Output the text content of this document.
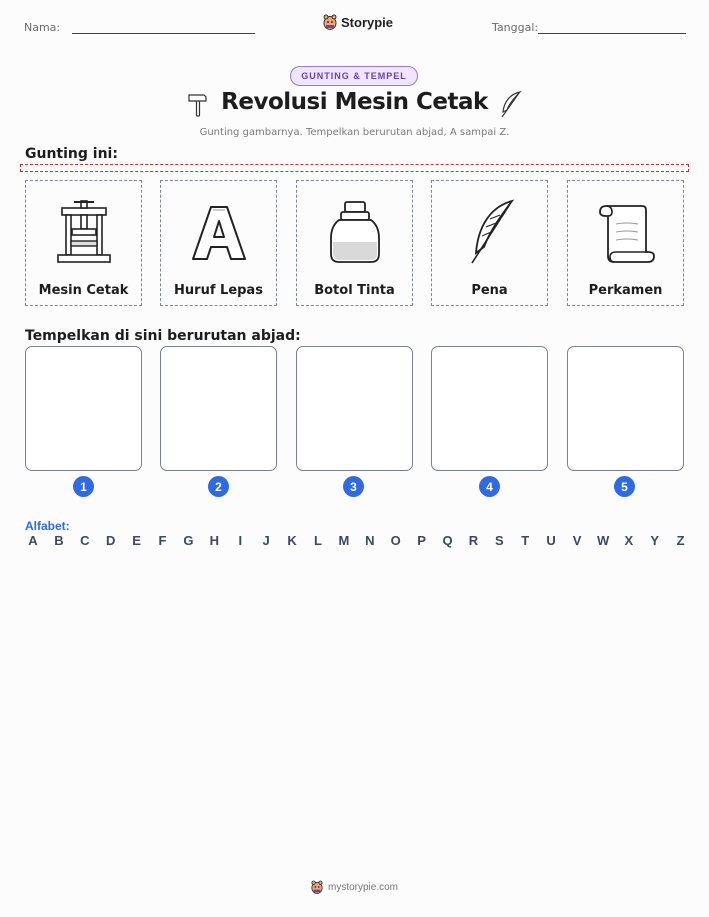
Nama:	Storypie	Tanggal:
GUNTING & TEMPEL
Revolusi Mesin Cetak
Gunting gambarnya. Tempelkan berurutan abjad, A sampai Z.
Gunting ini:
Mesin Cetak	Huruf Lepas	Botol Tinta	Pena	Perkamen
Tempelkan di sini berurutan abjad:
1	2	3	4	5
Alfabet:
A B C D E F G H	I	J K L M N O P Q R S T U V W X Y Z
mystorypie.com
